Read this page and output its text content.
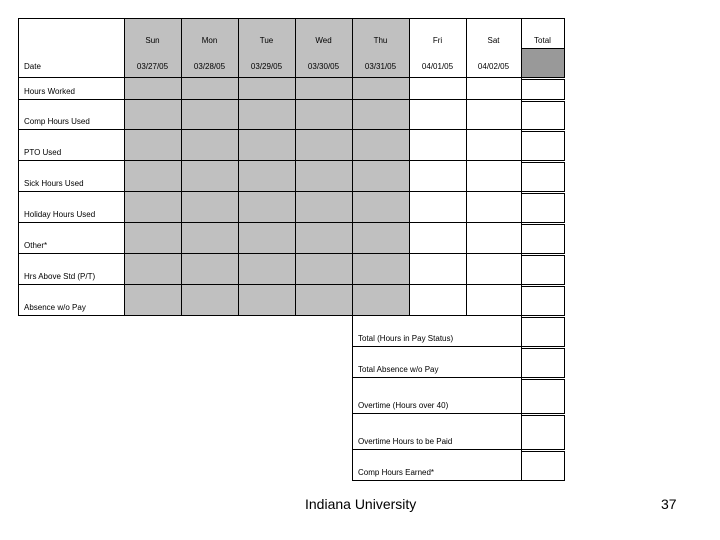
Sun
03/27/05
Mon
03/28/05
Tue
03/29/05
Wed
03/30/05
Thu
03/31/05
Fri
04/01/05
Sat
04/02/05
Total
Date
Hours Worked
Comp Hours Used
PTO Used
Sick Hours Used
Holiday Hours Used
Other*
Hrs Above Std (P/T)
Absence w/o Pay
Total (Hours in Pay Status)
Total Absence w/o Pay
Overtime (Hours over 40)
Overtime Hours to be Paid
Comp Hours Earned*
Indiana University	37
